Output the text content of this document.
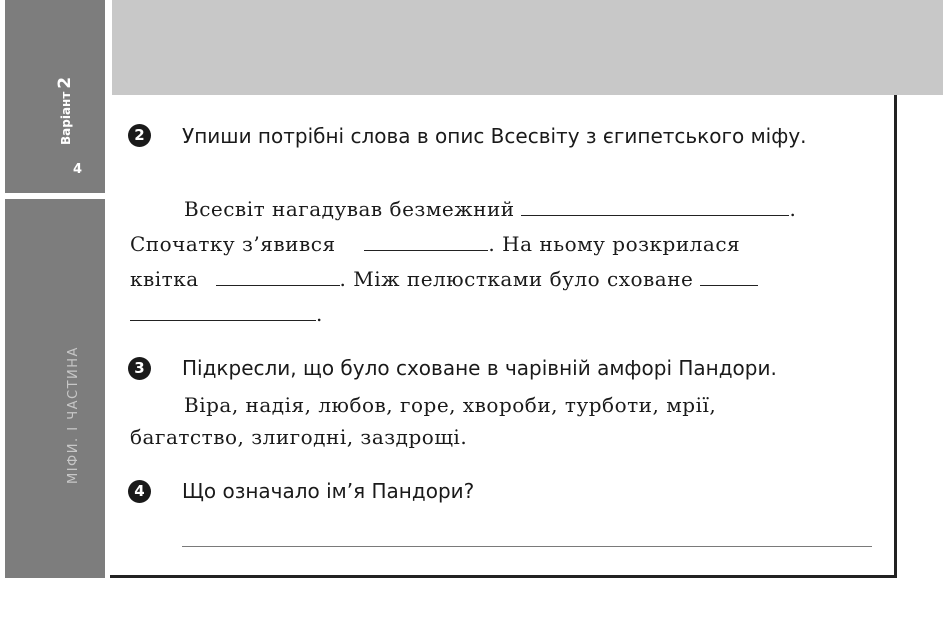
Варіант2
4
МІФИ. І ЧАСТИНА
2	Упиши потрібні слова в опис Всесвіту з єгипетського міфу.
Всесвіт нагадував безмежний	.
Спочатку з’явився	. На ньому розкрилася
квітка	. Між пелюстками було сховане
.
3	Підкресли, що було сховане в чарівній амфорі Пандори.
Віра, надія, любов, горе, хвороби, турботи, мрії,
багатство, злигодні, заздрощі.
4	Що означало ім’я Пандори?
